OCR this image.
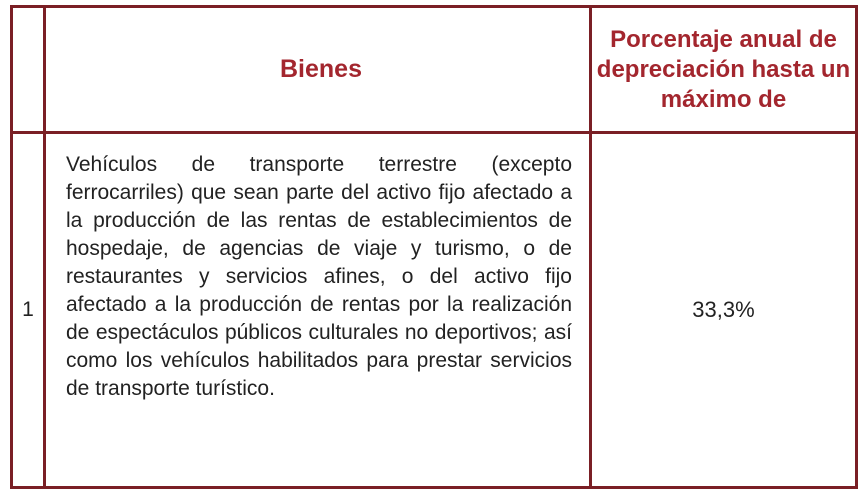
Bienes
Porcentaje anual de depreciación hasta un máximo de
1
Vehículos de transporte terrestre (excepto ferrocarriles) que sean parte del activo fijo afectado a la producción de las rentas de establecimientos de hospedaje, de agencias de viaje y turismo, o de restaurantes y servicios afines, o del activo fijo afectado a la producción de rentas por la realización de espectáculos públicos culturales no deportivos; así como los vehículos habilitados para prestar servicios de transporte turístico.
33,3%
